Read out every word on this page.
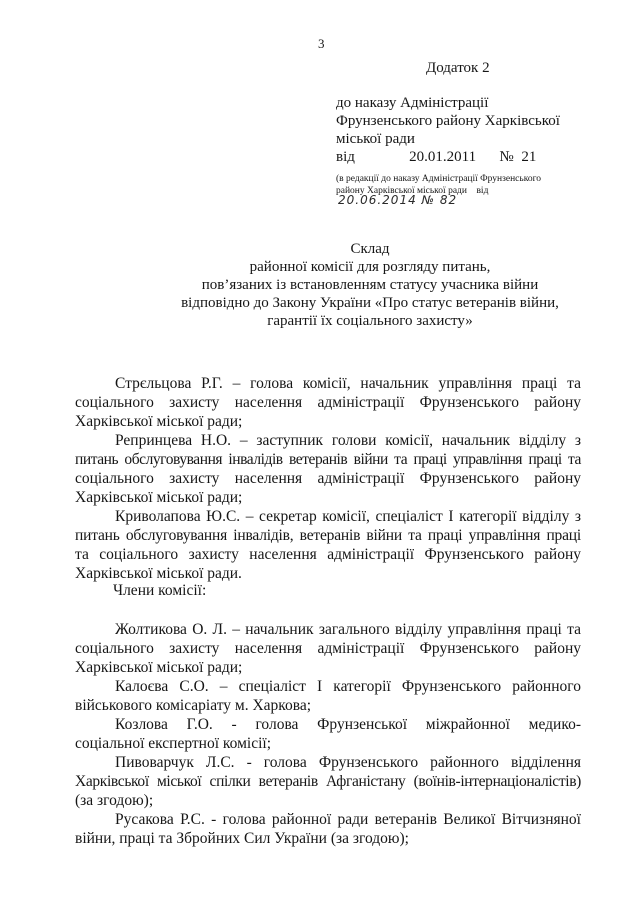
3
Додаток 2
до наказу Адміністрації
Фрунзенського району Харківської
міської ради
від       20.01.2011   № 21
(в редакції до наказу Адміністрації Фрунзенського
району Харківської міської ради    від
20.06.2014 № 82
Склад
районної комісії для розгляду питань,
пов’язаних із встановленням статусу учасника війни
відповідно до Закону України «Про статус ветеранів війни,
гарантії їх соціального захисту»
Стрєльцова Р.Г. – голова комісії, начальник управління праці та
соціального захисту населення адміністрації Фрунзенського району
Харківської міської ради;
Репринцева Н.О. – заступник голови комісії, начальник відділу з
питань обслуговування інвалідів ветеранів війни та праці управління праці та
соціального захисту населення адміністрації Фрунзенського району
Харківської міської ради;
Криволапова Ю.С. – секретар комісії, спеціаліст І категорії відділу з
питань обслуговування інвалідів, ветеранів війни та праці управління праці
та соціального захисту населення адміністрації Фрунзенського району
Харківської міської ради.
Члени комісії:
Жолтикова О. Л. – начальник загального відділу управління праці та
соціального захисту населення адміністрації Фрунзенського району
Харківської міської ради;
Калоєва С.О. – спеціаліст І категорії Фрунзенського районного
військового комісаріату м. Харкова;
Козлова Г.О. - голова Фрунзенської міжрайонної медико-
соціальної експертної комісії;
Пивоварчук Л.С. - голова Фрунзенського районного відділення
Харківської міської спілки ветеранів Афганістану (воїнів-інтернаціоналістів)
(за згодою);
Русакова Р.С. - голова районної ради ветеранів Великої Вітчизняної
війни, праці та Збройних Сил України (за згодою);
